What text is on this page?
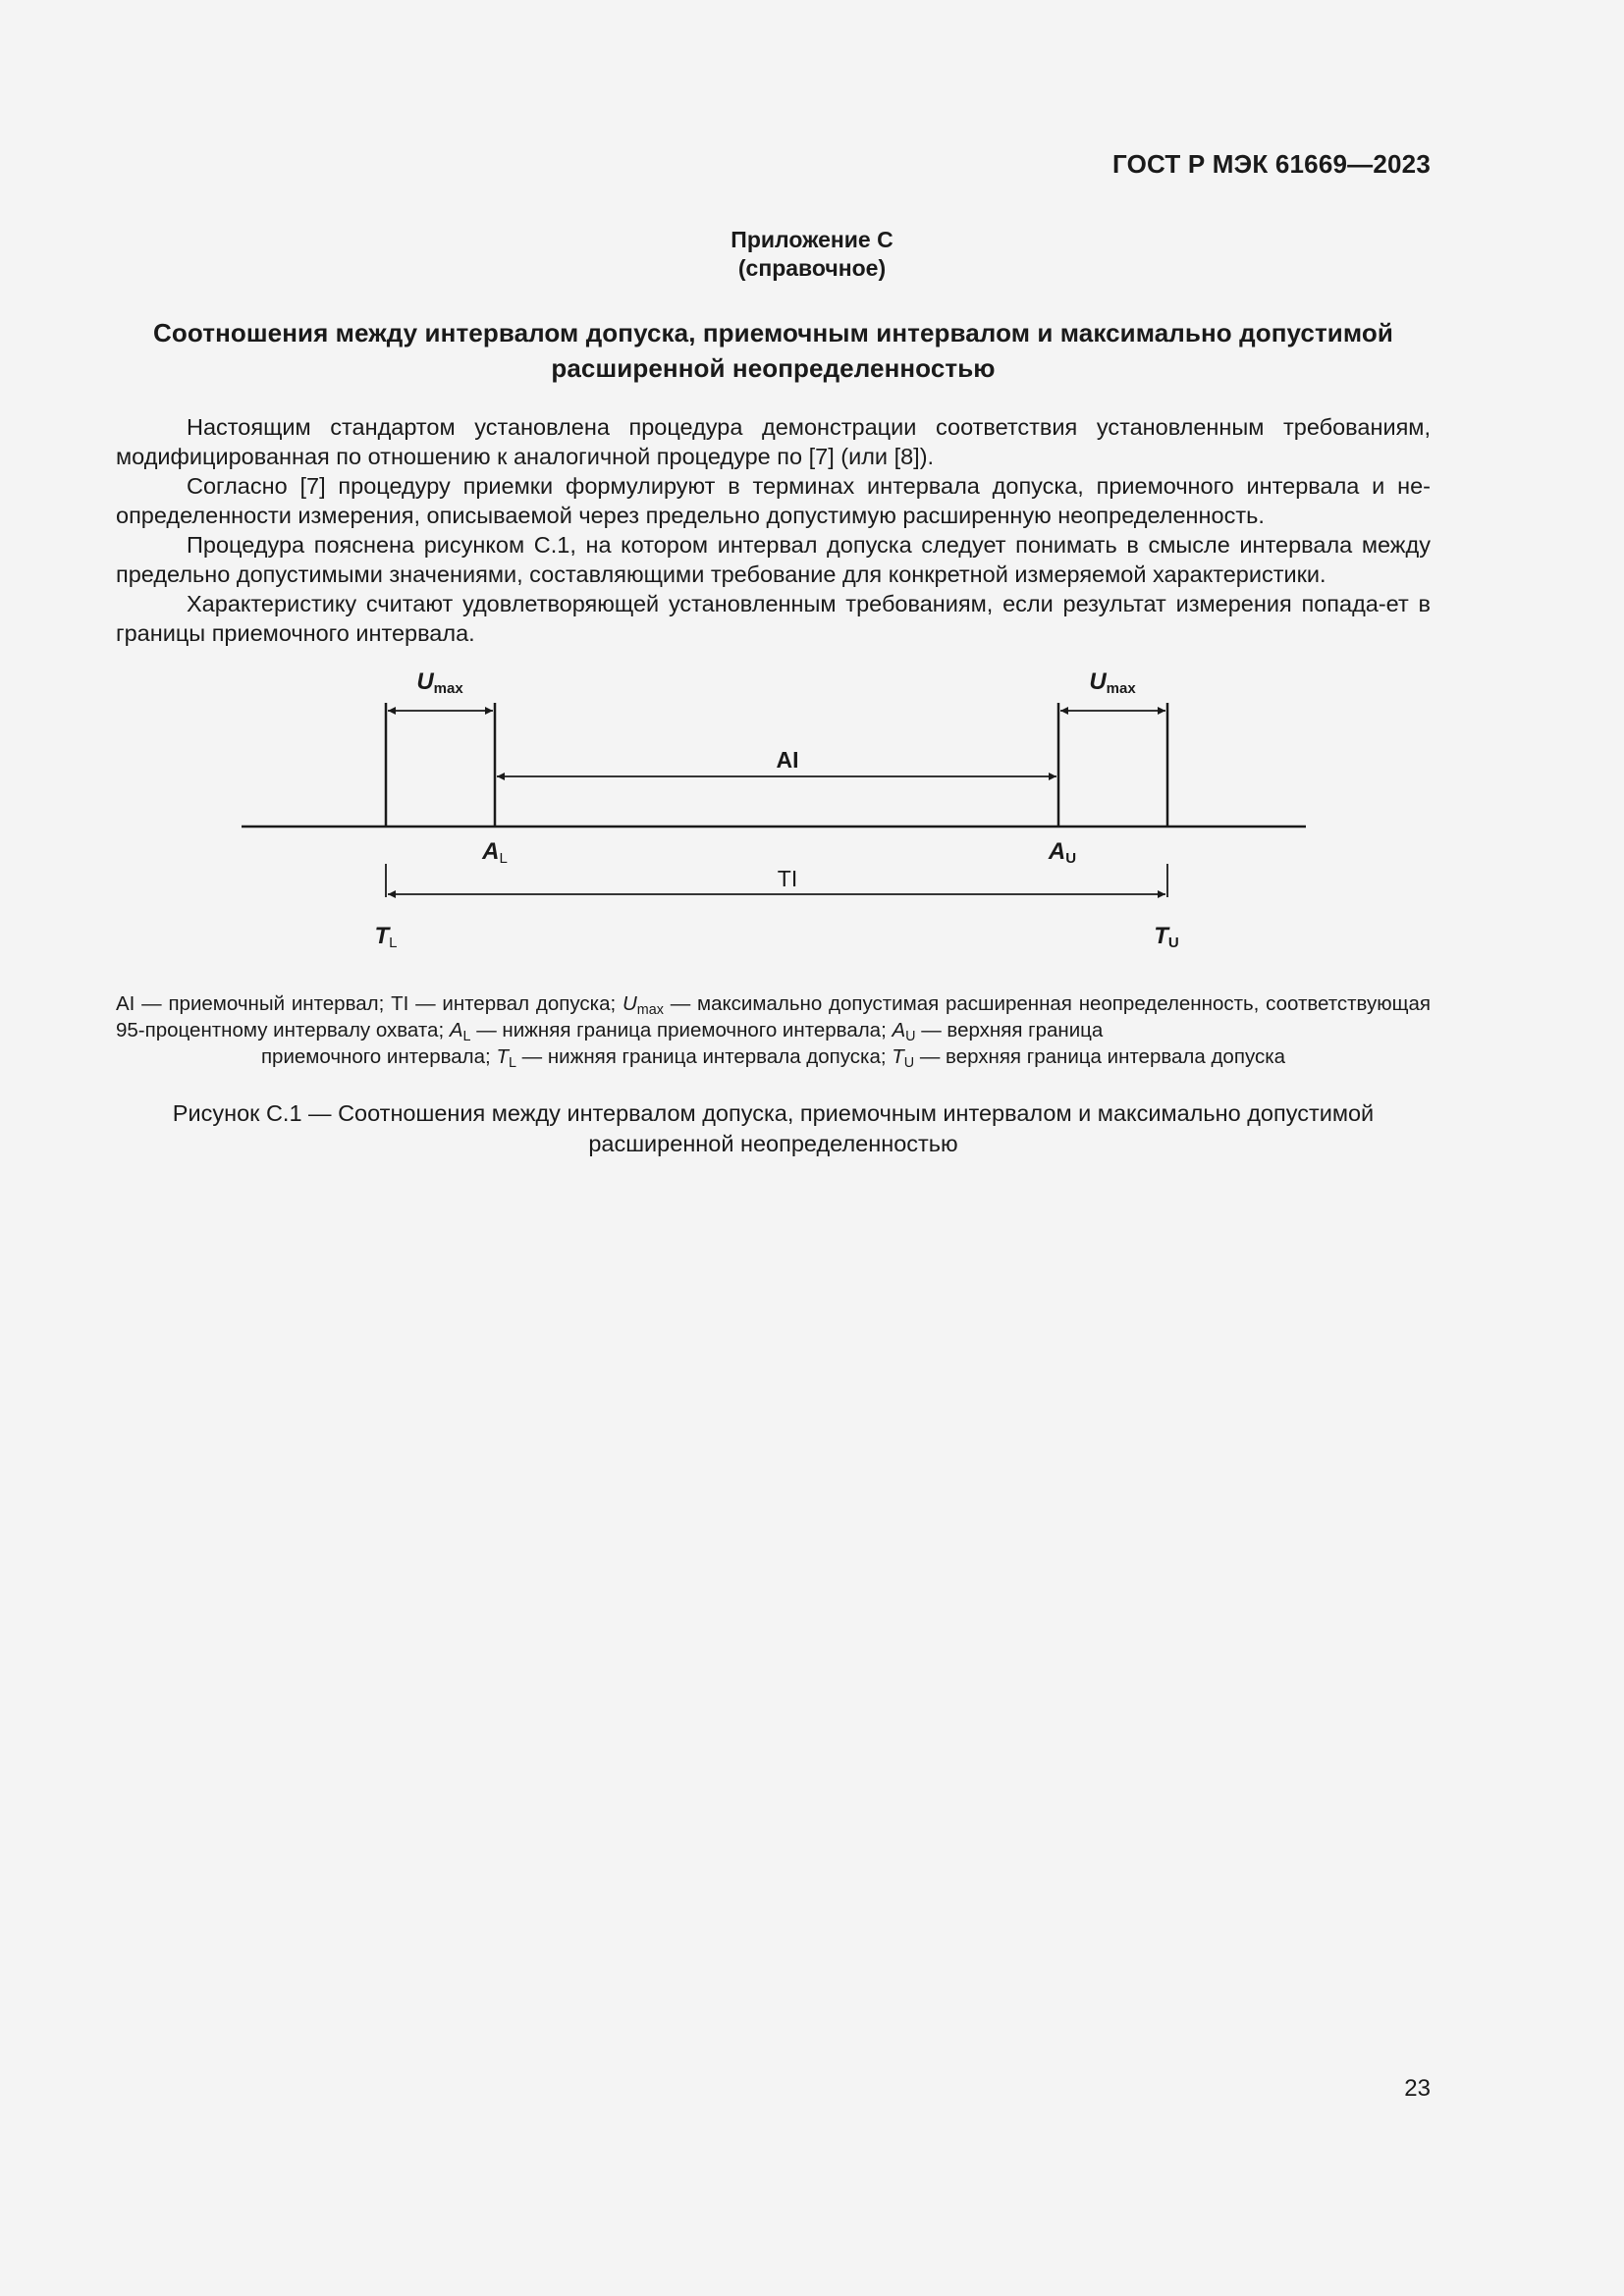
ГОСТ Р МЭК 61669—2023
Приложение С
(справочное)
Соотношения между интервалом допуска, приемочным интервалом и максимально допустимой расширенной неопределенностью

Настоящим стандартом установлена процедура демонстрации соответствия установленным требованиям, модифицированная по отношению к аналогичной процедуре по [7] (или [8]).

Согласно [7] процедуру приемки формулируют в терминах интервала допуска, приемочного интервала и не-определенности измерения, описываемой через предельно допустимую расширенную неопределенность.

Процедура пояснена рисунком С.1, на котором интервал допуска следует понимать в смысле интервала между предельно допустимыми значениями, составляющими требование для конкретной измеряемой характеристики.

Характеристику считают удовлетворяющей установленным требованиям, если результат измерения попада-ет в границы приемочного интервала.

Umax	Umax
AI
AL	AU
TI
TL	TU

AI — приемочный интервал; TI — интервал допуска; $U_{max}$ — максимально допустимая расширенная неопределенность, соответствующая 95-процентному интервалу охвата; $A_L$ — нижняя граница приемочного интервала; $A_U$ — верхняя граница

приемочного интервала; $T_L$ — нижняя граница интервала допуска; $T_U$ — верхняя граница интервала допуска

Рисунок С.1 — Соотношения между интервалом допуска, приемочным интервалом и максимально допустимой
расширенной неопределенностью
23
